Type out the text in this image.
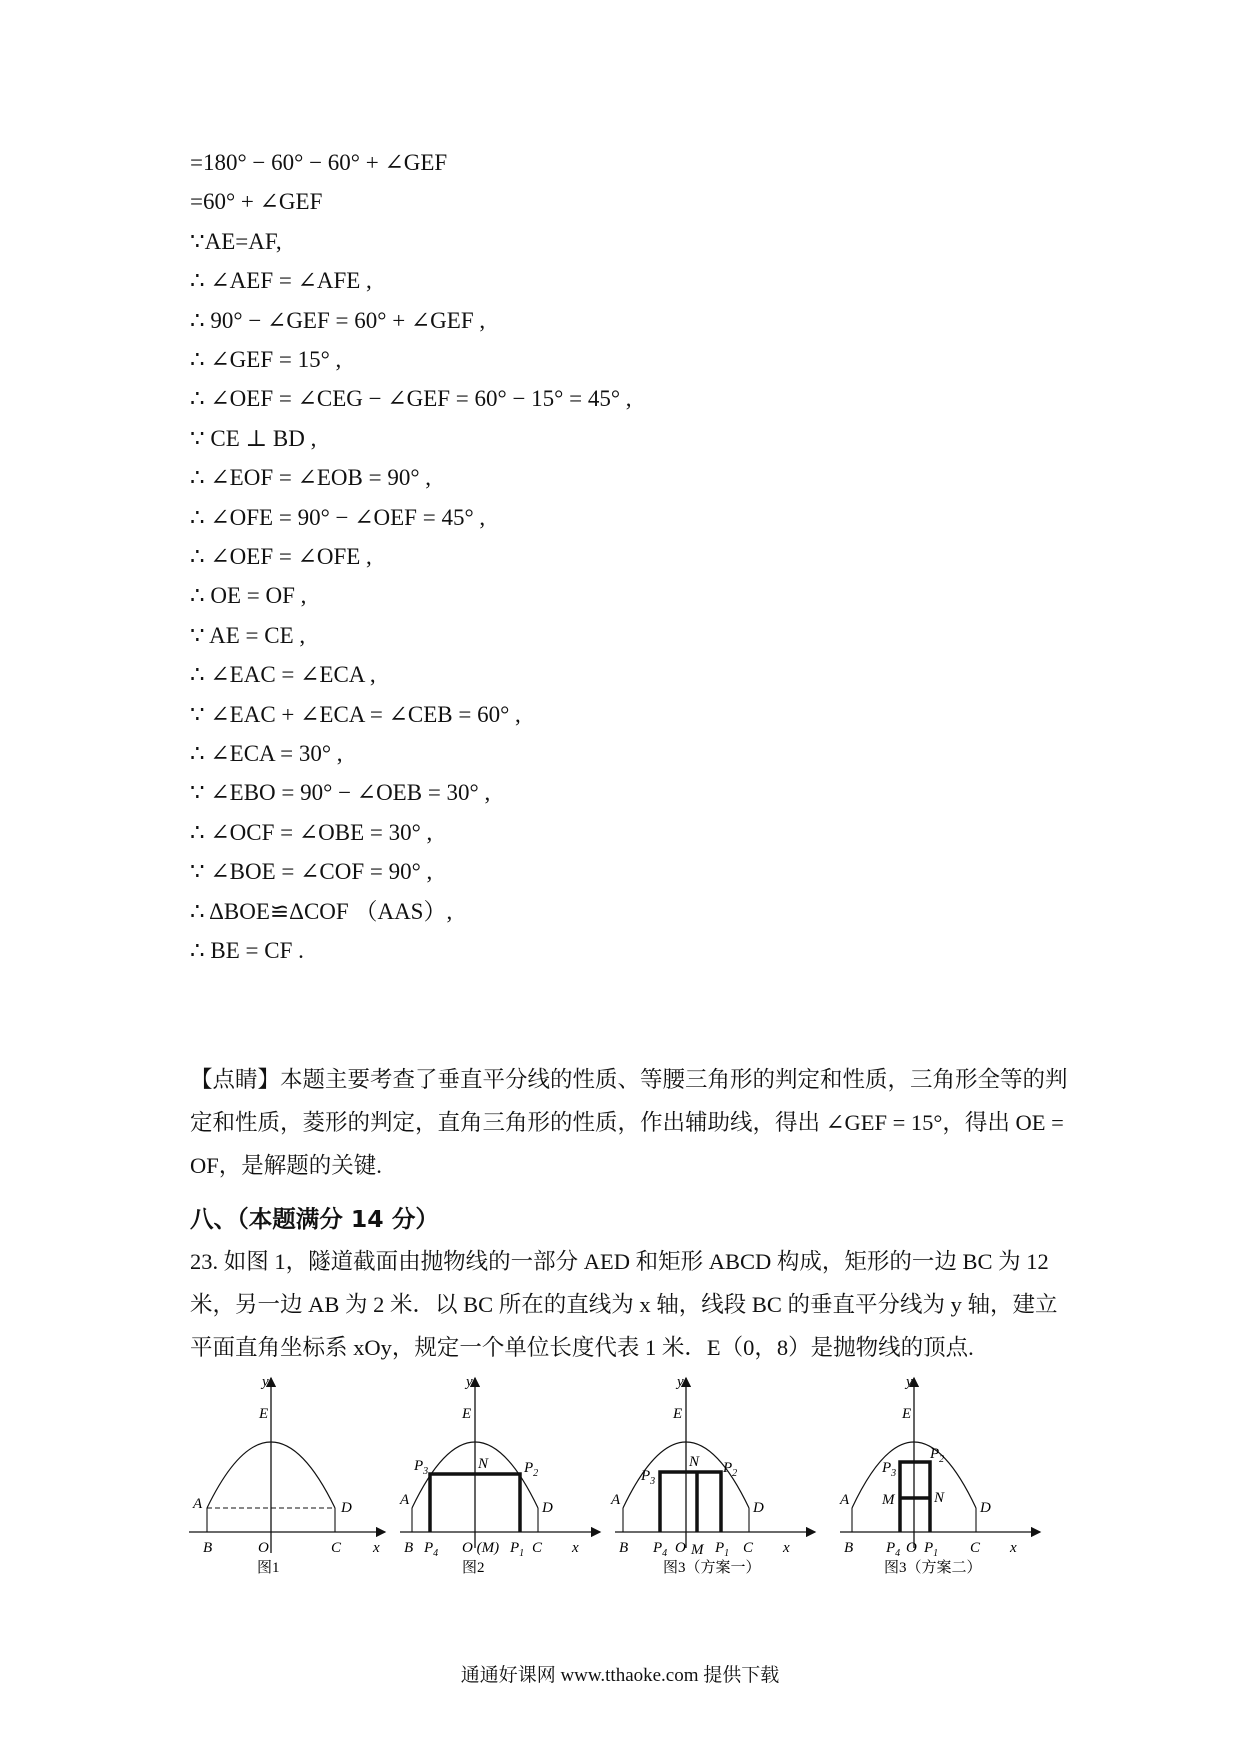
=180° − 60° − 60° + ∠GEF
=60° + ∠GEF
∵AE=AF,
∴ ∠AEF = ∠AFE ,
∴ 90° − ∠GEF = 60° + ∠GEF ,
∴ ∠GEF = 15° ,
∴ ∠OEF = ∠CEG − ∠GEF = 60° − 15° = 45° ,
∵ CE ⊥ BD ,
∴ ∠EOF = ∠EOB = 90° ,
∴ ∠OFE = 90° − ∠OEF = 45° ,
∴ ∠OEF = ∠OFE ,
∴ OE = OF ,
∵ AE = CE ,
∴ ∠EAC = ∠ECA ,
∵ ∠EAC + ∠ECA = ∠CEB = 60° ,
∴ ∠ECA = 30° ,
∵ ∠EBO = 90° − ∠OEB = 30° ,
∴ ∠OCF = ∠OBE = 30° ,
∵ ∠BOE = ∠COF = 90° ,
∴ ΔBOE≌ΔCOF （AAS）,
∴ BE = CF .
【点睛】本题主要考查了垂直平分线的性质、等腰三角形的判定和性质，三角形全等的判定和性质，菱形的判定，直角三角形的性质，作出辅助线，得出 ∠GEF = 15°，得出 OE = OF，是解题的关键.
八、（本题满分 14 分）
23. 如图 1，隧道截面由抛物线的一部分 AED 和矩形 ABCD 构成，矩形的一边 BC 为 12 米，另一边 AB 为 2 米．以 BC 所在的直线为 x 轴，线段 BC 的垂直平分线为 y 轴，建立平面直角坐标系 xOy，规定一个单位长度代表 1 米．E（0，8）是抛物线的顶点.
y
E
A	D
B	O	C x
图1
y
E
$P_3$	N $P_2$
A	D
B $P_4$ O (M) $P_1$ C x
图2
y
E
$P_3$
N $P_2$
A	D
B $P_4$ O M $P_1$ C x
图3（方案一）
y
E
$P_3$
$P_2$
M	N
A	D
B $P_4$ O $P_1$ C x
图3（方案二）
通通好课网 www.tthaoke.com 提供下载
